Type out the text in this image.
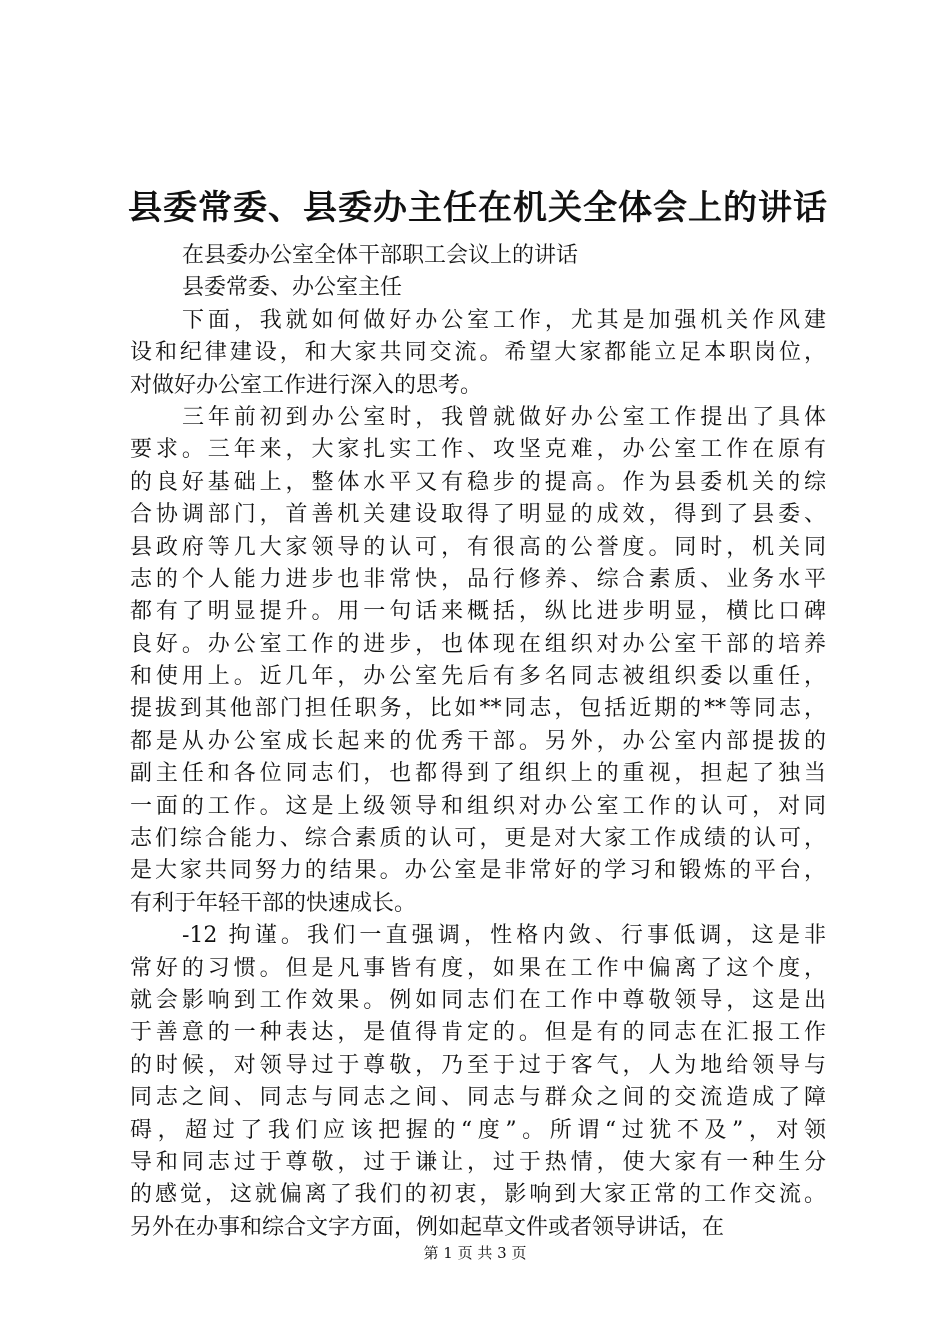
县委常委、县委办主任在机关全体会上的讲话

在县委办公室全体干部职工会议上的讲话

县委常委、办公室主任

下面，我就如何做好办公室工作，尤其是加强机关作风建

设和纪律建设，和大家共同交流。希望大家都能立足本职岗位，

对做好办公室工作进行深入的思考。

三年前初到办公室时，我曾就做好办公室工作提出了具体

要求。三年来，大家扎实工作、攻坚克难，办公室工作在原有

的良好基础上，整体水平又有稳步的提高。作为县委机关的综

合协调部门，首善机关建设取得了明显的成效，得到了县委、

县政府等几大家领导的认可，有很高的公誉度。同时，机关同

志的个人能力进步也非常快，品行修养、综合素质、业务水平

都有了明显提升。用一句话来概括，纵比进步明显，横比口碑

良好。办公室工作的进步，也体现在组织对办公室干部的培养

和使用上。近几年，办公室先后有多名同志被组织委以重任，

提拔到其他部门担任职务，比如**同志，包括近期的**等同志，

都是从办公室成长起来的优秀干部。另外，办公室内部提拔的

副主任和各位同志们，也都得到了组织上的重视，担起了独当

一面的工作。这是上级领导和组织对办公室工作的认可，对同

志们综合能力、综合素质的认可，更是对大家工作成绩的认可，

是大家共同努力的结果。办公室是非常好的学习和锻炼的平台，

有利于年轻干部的快速成长。

-12 拘谨。我们一直强调，性格内敛、行事低调，这是非

常好的习惯。但是凡事皆有度，如果在工作中偏离了这个度，

就会影响到工作效果。例如同志们在工作中尊敬领导，这是出

于善意的一种表达，是值得肯定的。但是有的同志在汇报工作

的时候，对领导过于尊敬，乃至于过于客气，人为地给领导与

同志之间、同志与同志之间、同志与群众之间的交流造成了障

碍，超过了我们应该把握的“度”。所谓“过犹不及”，对领

导和同志过于尊敬，过于谦让，过于热情，使大家有一种生分

的感觉，这就偏离了我们的初衷，影响到大家正常的工作交流。

另外在办事和综合文字方面，例如起草文件或者领导讲话，在

第 1 页 共 3 页
